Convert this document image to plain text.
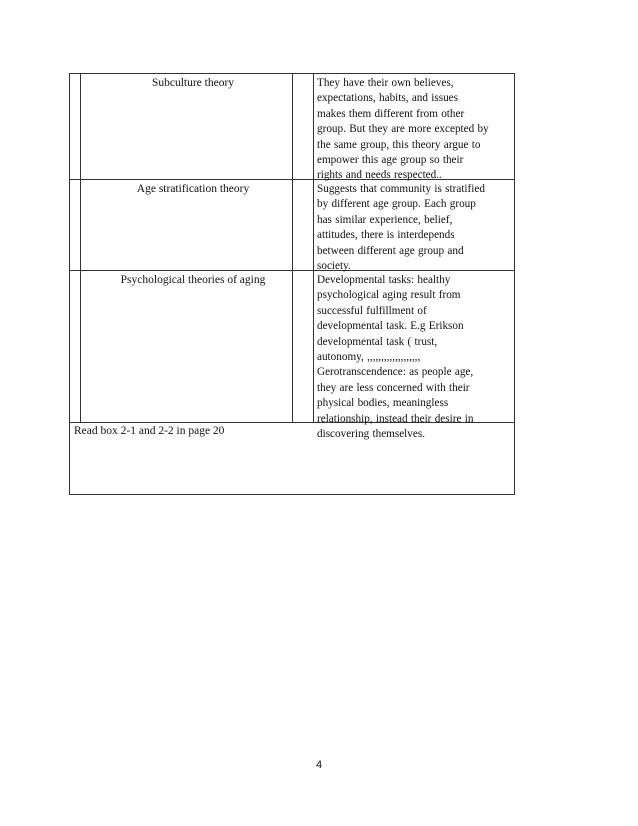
Subculture theory	They have their own believes,
expectations, habits, and issues
makes them different from other
group. But they are more excepted by
the same group, this theory argue to
empower this age group so their
rights and needs respected..
Age stratification theory	Suggests that community is stratified
by different age group. Each group
has similar experience, belief,
attitudes, there is interdepends
between different age group and
society.
Psychological theories of aging	Developmental tasks: healthy
psychological aging result from
successful fulfillment of
developmental task. E.g Erikson
developmental task ( trust,
autonomy, ,,,,,,,,,,,,,,,,,,,
Gerotranscendence: as people age,
they are less concerned with their
physical bodies, meaningless
relationship, instead their desire in
discovering themselves.
Read box 2-1 and 2-2 in page 20
4
